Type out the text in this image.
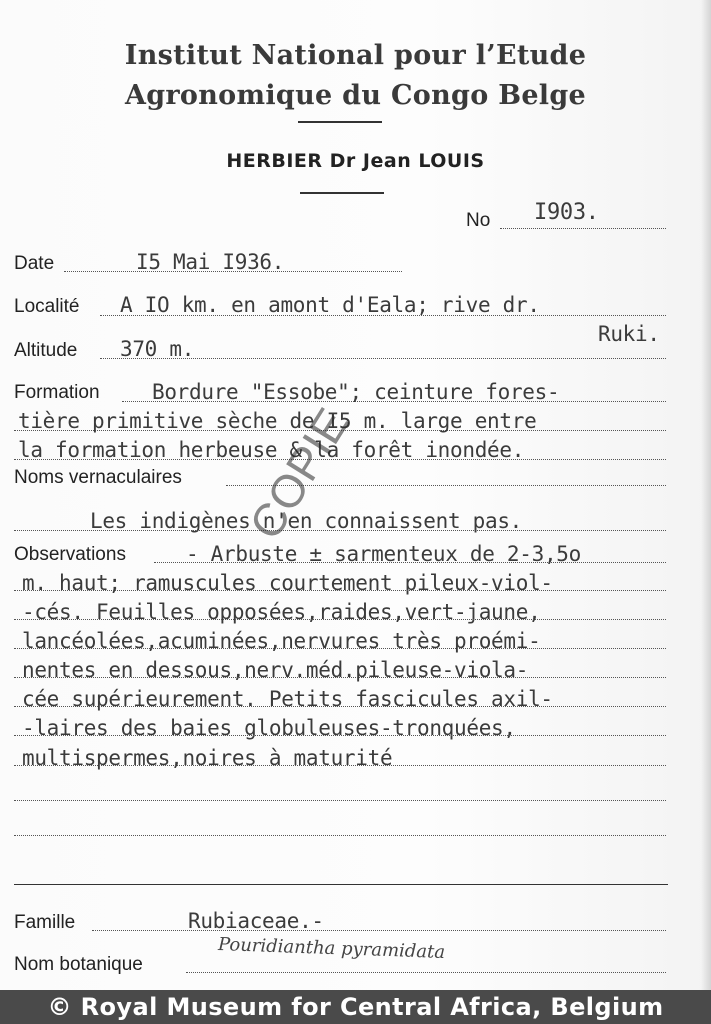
Institut National pour l’Etude
Agronomique du Congo Belge
HERBIER Dr Jean LOUIS
No I903.
Date	I5 Mai I936.
Localité A IO km. en amont d'Eala; rive dr.
Ruki.
Altitude 370 m.
Formation Bordure "Essobe"; ceinture fores-
tière primitive sèche de I5 m. large entre
la formation herbeuse & la forêt inondée.
Noms vernaculaires
Les indigènes n'en connaissent pas.
Observations	- Arbuste ± sarmenteux de 2-3,5o
m. haut; ramuscules courtement pileux-viol-
-cés. Feuilles opposées,raides,vert-jaune,
lancéolées,acuminées,nervures très proémi-
nentes en dessous,nerv.méd.pileuse-viola-
cée supérieurement. Petits fascicules axil-
-laires des baies globuleuses-tronquées,
multispermes,noires à maturité
COPIE
Famille	Rubiaceae.-
Nom botanique
Pouridiantha pyramidata
© Royal Museum for Central Africa, Belgium
